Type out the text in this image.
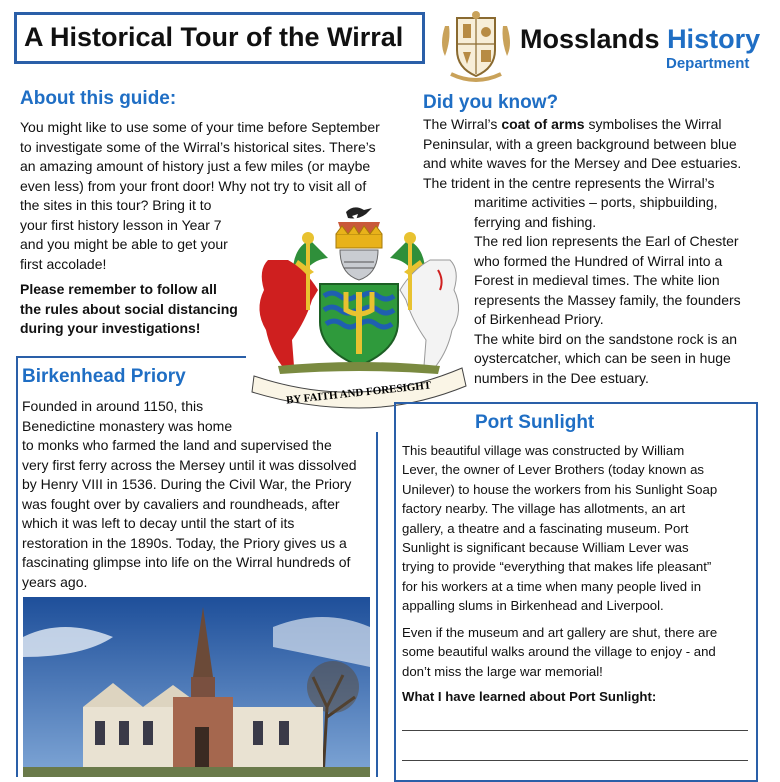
A Historical Tour of the Wirral	Mosslands History
Department
About this guide:
You might like to use some of your time before September
to investigate some of the Wirral’s historical sites. There’s
an amazing amount of history just a few miles (or maybe
even less) from your front door! Why not try to visit all of
the sites in this tour? Bring it to
your first history lesson in Year 7
and you might be able to get your
first accolade!
Please remember to follow all
the rules about social distancing
during your investigations!
Did you know?
The Wirral’s coat of arms symbolises the Wirral
Peninsular, with a green background between blue
and white waves for the Mersey and Dee estuaries.
The trident in the centre represents the Wirral’s
maritime activities – ports, shipbuilding,
ferrying and fishing.
The red lion represents the Earl of Chester
who formed the Hundred of Wirral into a
Forest in medieval times. The white lion
represents the Massey family, the founders
of Birkenhead Priory.
The white bird on the sandstone rock is an
oystercatcher, which can be seen in huge
numbers in the Dee estuary.
BY FAITH AND FORESIGHT
Birkenhead Priory
Founded in around 1150, this
Benedictine monastery was home
to monks who farmed the land and supervised the
very first ferry across the Mersey until it was dissolved
by Henry VIII in 1536. During the Civil War, the Priory
was fought over by cavaliers and roundheads, after
which it was left to decay until the start of its
restoration in the 1890s. Today, the Priory gives us a
fascinating glimpse into life on the Wirral hundreds of
years ago.
Port Sunlight
This beautiful village was constructed by William
Lever, the owner of Lever Brothers (today known as
Unilever) to house the workers from his Sunlight Soap
factory nearby. The village has allotments, an art
gallery, a theatre and a fascinating museum. Port
Sunlight is significant because William Lever was
trying to provide “everything that makes life pleasant”
for his workers at a time when many people lived in
appalling slums in Birkenhead and Liverpool.
Even if the museum and art gallery are shut, there are
some beautiful walks around the village to enjoy - and
don’t miss the large war memorial!
What I have learned about Port Sunlight:
